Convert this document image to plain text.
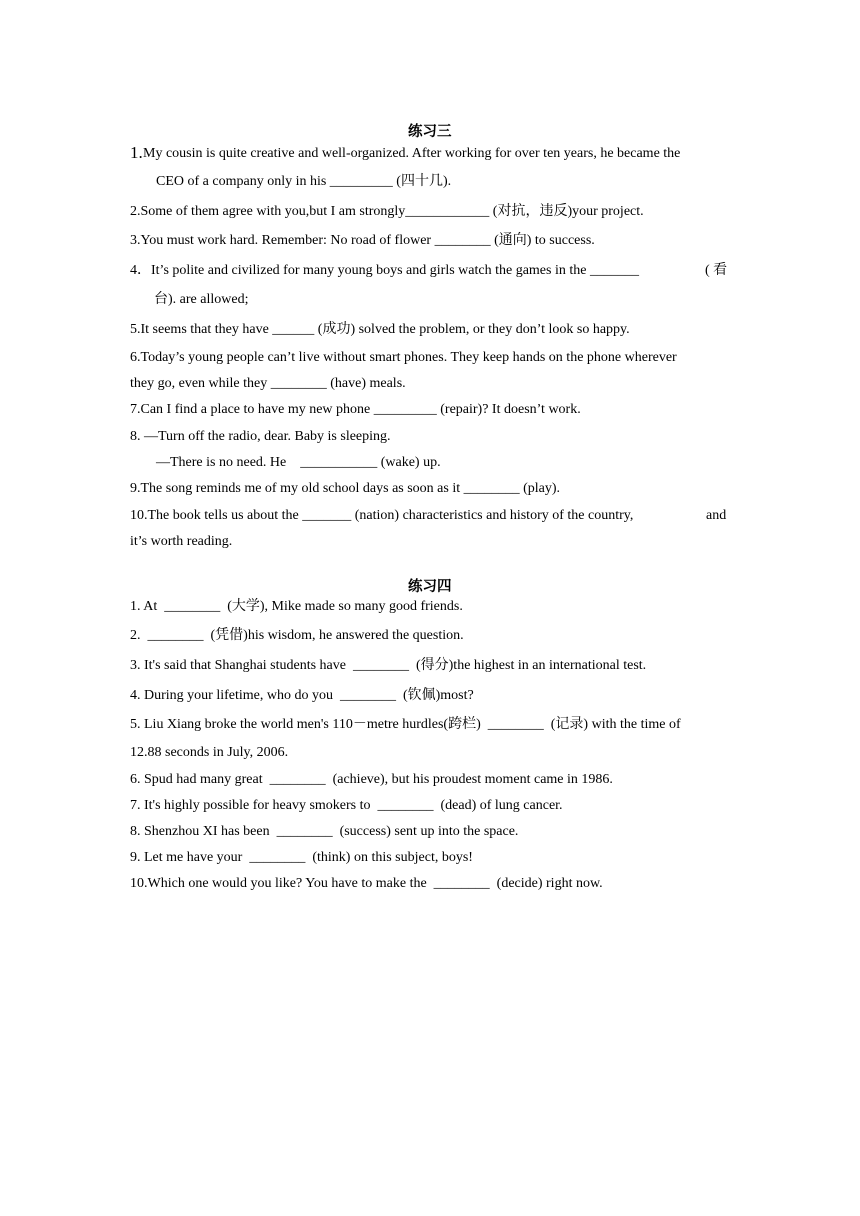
练习三
1. My cousin is quite creative and well-organized. After working for over ten years, he became the
CEO of a company only in his _________ (四十几).
2.Some of them agree with you,but I am strongly____________ (对抗，违反)your project.
3.You must work hard. Remember: No road of flower ________ (通向) to success.
4．It’s polite and civilized for many young boys and girls watch the games in the _______	( 看
台). are allowed;
5.It seems that they have ______ (成功) solved the problem, or they don’t look so happy.
6.Today’s young people can’t live without smart phones. They keep hands on the phone wherever
they go, even while they ________ (have) meals.
7.Can I find a place to have my new phone _________ (repair)? It doesn’t work.
8. —Turn off the radio, dear. Baby is sleeping.
—There is no need. He    ___________ (wake) up.
9.The song reminds me of my old school days as soon as it ________ (play).
10.The book tells us about the _______ (nation) characteristics and history of the country,	and
it’s worth reading.
练习四
1. At  ________  (大学), Mike made so many good friends.
2.  ________  (凭借)his wisdom, he answered the question.
3. It's said that Shanghai students have  ________  (得分)the highest in an international test.
4. During your lifetime, who do you  ________  (钦佩)most?
5. Liu Xiang broke the world men's 110－metre hurdles(跨栏)  ________  (记录) with the time of
12.88 seconds in July, 2006.
6. Spud had many great  ________  (achieve), but his proudest moment came in 1986.
7. It's highly possible for heavy smokers to  ________  (dead) of lung cancer.
8. Shenzhou XI has been  ________  (success) sent up into the space.
9. Let me have your  ________  (think) on this subject, boys!
10.Which one would you like? You have to make the  ________  (decide) right now.
